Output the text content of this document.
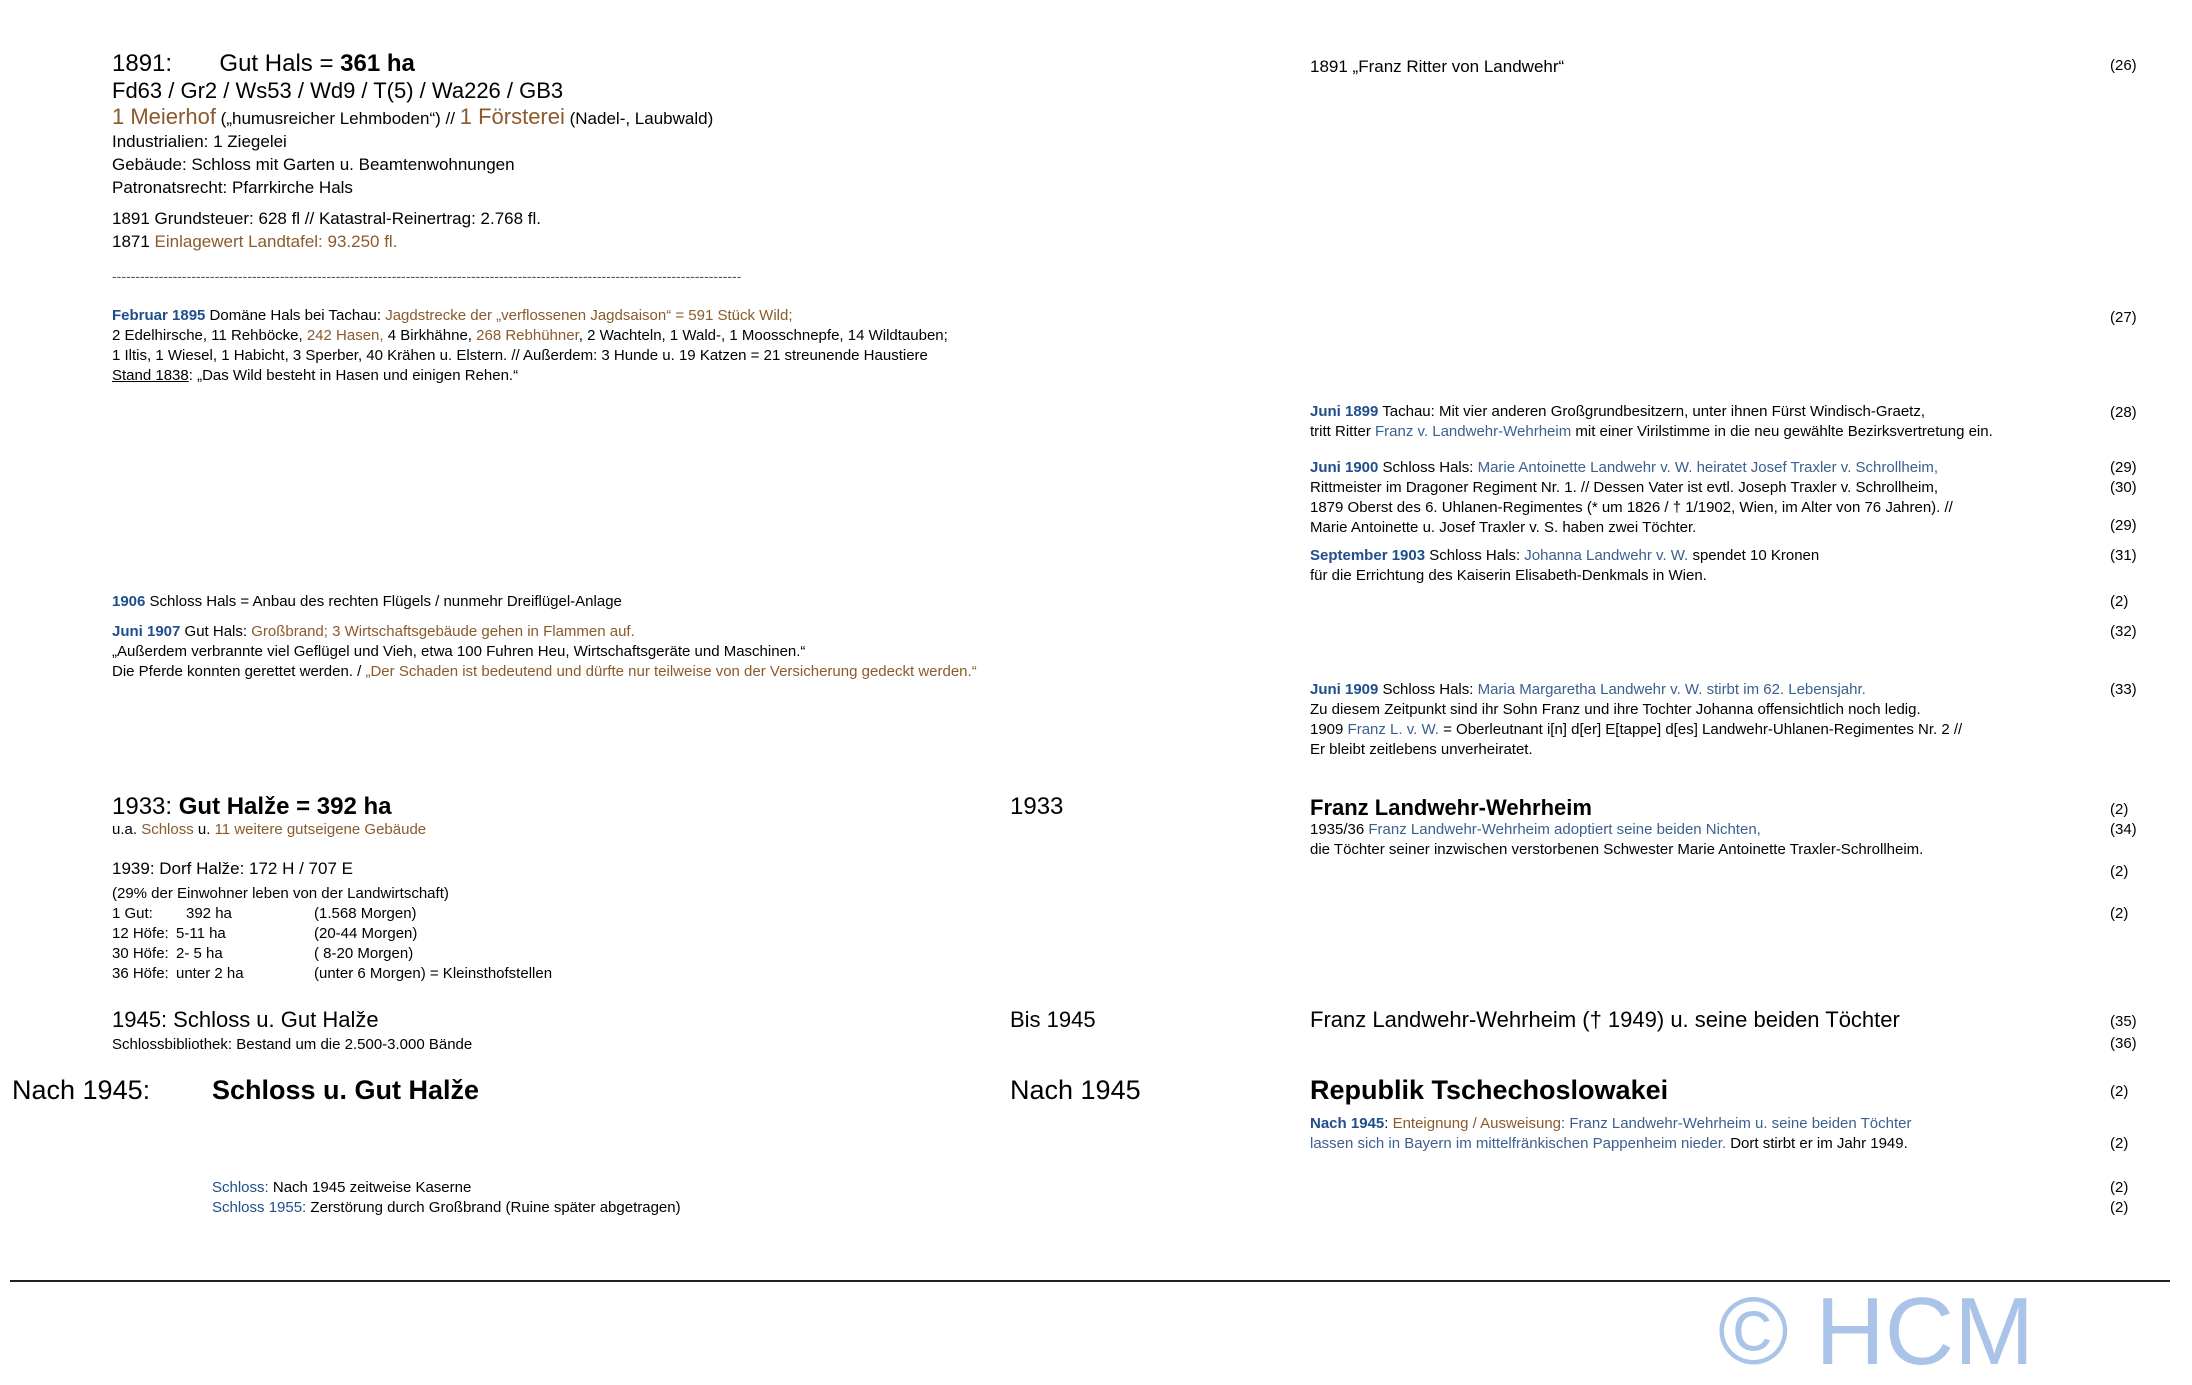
1891: Gut Hals = 361 ha
Fd63 / Gr2 / Ws53 / Wd9 / T(5) / Wa226 / GB3
1 Meierhof („humusreicher Lehmboden“) // 1 Försterei (Nadel-, Laubwald)
Industrialien: 1 Ziegelei
Gebäude: Schloss mit Garten u. Beamtenwohnungen
Patronatsrecht: Pfarrkirche Hals
1891 Grundsteuer: 628 fl // Katastral-Reinertrag: 2.768 fl.
1871 Einlagewert Landtafel: 93.250 fl.
---------------------------------------------------------------------------------------------------------------------------------------
Februar 1895 Domäne Hals bei Tachau: Jagdstrecke der „verflossenen Jagdsaison“ = 591 Stück Wild;
2 Edelhirsche, 11 Rehböcke, 242 Hasen, 4 Birkhähne, 268 Rebhühner, 2 Wachteln, 1 Wald-, 1 Moosschnepfe, 14 Wildtauben;
1 Iltis, 1 Wiesel, 1 Habicht, 3 Sperber, 40 Krähen u. Elstern. // Außerdem: 3 Hunde u. 19 Katzen = 21 streunende Haustiere
Stand 1838: „Das Wild besteht in Hasen und einigen Rehen.“
1906 Schloss Hals = Anbau des rechten Flügels / nunmehr Dreiflügel-Anlage
Juni 1907 Gut Hals: Großbrand; 3 Wirtschaftsgebäude gehen in Flammen auf.
„Außerdem verbrannte viel Geflügel und Vieh, etwa 100 Fuhren Heu, Wirtschaftsgeräte und Maschinen.“
Die Pferde konnten gerettet werden. / „Der Schaden ist bedeutend und dürfte nur teilweise von der Versicherung gedeckt werden.“
1933: Gut Halže = 392 ha
u.a. Schloss u. 11 weitere gutseigene Gebäude
1939: Dorf Halže: 172 H / 707 E
(29% der Einwohner leben von der Landwirtschaft)
1 Gut: 392 ha	(1.568 Morgen)
12 Höfe: 5-11 ha	(20-44 Morgen)
30 Höfe: 2- 5 ha	( 8-20 Morgen)
36 Höfe: unter 2 ha	(unter 6 Morgen) = Kleinsthofstellen
1945: Schloss u. Gut Halže
Schlossbibliothek: Bestand um die 2.500-3.000 Bände
Nach 1945: Schloss u. Gut Halže
Schloss: Nach 1945 zeitweise Kaserne
Schloss 1955: Zerstörung durch Großbrand (Ruine später abgetragen)
1933
Bis 1945
Nach 1945
1891 „Franz Ritter von Landwehr“
Juni 1899 Tachau: Mit vier anderen Großgrundbesitzern, unter ihnen Fürst Windisch-Graetz,
tritt Ritter Franz v. Landwehr-Wehrheim mit einer Virilstimme in die neu gewählte Bezirksvertretung ein.
Juni 1900 Schloss Hals: Marie Antoinette Landwehr v. W. heiratet Josef Traxler v. Schrollheim,
Rittmeister im Dragoner Regiment Nr. 1. // Dessen Vater ist evtl. Joseph Traxler v. Schrollheim,
1879 Oberst des 6. Uhlanen-Regimentes (* um 1826 / † 1/1902, Wien, im Alter von 76 Jahren). //
Marie Antoinette u. Josef Traxler v. S. haben zwei Töchter.
September 1903 Schloss Hals: Johanna Landwehr v. W. spendet 10 Kronen
für die Errichtung des Kaiserin Elisabeth-Denkmals in Wien.
Juni 1909 Schloss Hals: Maria Margaretha Landwehr v. W. stirbt im 62. Lebensjahr.
Zu diesem Zeitpunkt sind ihr Sohn Franz und ihre Tochter Johanna offensichtlich noch ledig.
1909 Franz L. v. W. = Oberleutnant i[n] d[er] E[tappe] d[es] Landwehr-Uhlanen-Regimentes Nr. 2 //
Er bleibt zeitlebens unverheiratet.
Franz Landwehr-Wehrheim
1935/36 Franz Landwehr-Wehrheim adoptiert seine beiden Nichten,
die Töchter seiner inzwischen verstorbenen Schwester Marie Antoinette Traxler-Schrollheim.
Franz Landwehr-Wehrheim († 1949) u. seine beiden Töchter
Republik Tschechoslowakei
Nach 1945: Enteignung / Ausweisung: Franz Landwehr-Wehrheim u. seine beiden Töchter
lassen sich in Bayern im mittelfränkischen Pappenheim nieder. Dort stirbt er im Jahr 1949.
(26)
(27)
(28)
(29)
(30)
(29)
(31)
(2)
(32)
(33)
(2)
(34)
(2)
(2)
(35)
(36)
(2)
(2)
(2)
(2)
© HCM
